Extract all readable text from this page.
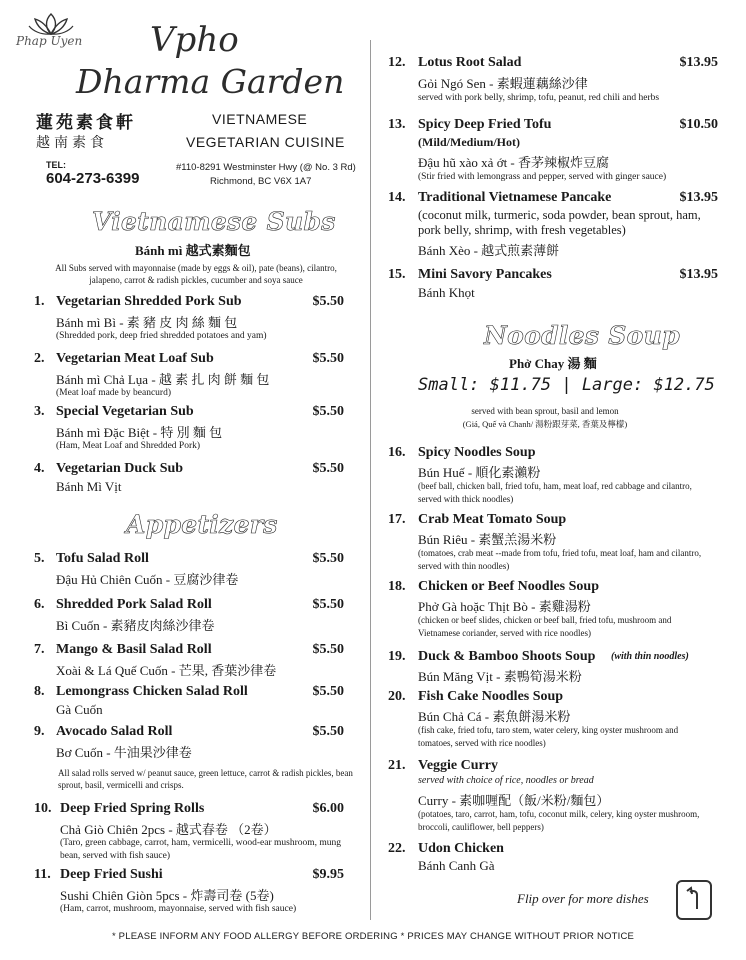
Phap Uyen Vpho
Dharma Garden
蓮苑素食軒
越南素食
VIETNAMESE
VEGETARIAN CUISINE
TEL:
604-273-6399
#110-8291 Westminster Hwy (@ No. 3 Rd)
Richmond, BC V6X 1A7
Vietnamese Subs
Bánh mì 越式素麵包
All Subs served with mayonnaise (made by eggs & oil), pate (beans), cilantro, jalapeno, carrot & radish pickles, cucumber and soya sauce
1. Vegetarian Shredded Pork Sub	$5.50
Bánh mì Bì - 素 豬 皮 肉 絲 麵 包
(Shredded pork, deep fried shredded potatoes and yam)
2. Vegetarian Meat Loaf Sub	$5.50
Bánh mì Chả Lụa - 越 素 扎 肉 餅 麵 包
(Meat loaf made by beancurd)
3. Special Vegetarian Sub	$5.50
Bánh mì Đặc Biệt - 特 別 麵 包
(Ham, Meat Loaf and Shredded Pork)
4. Vegetarian Duck Sub	$5.50
Bánh Mì Vịt
Appetizers
5. Tofu Salad Roll	$5.50
Đậu Hủ Chiên Cuốn - 豆腐沙律卷
6. Shredded Pork Salad Roll	$5.50
Bì Cuốn - 素豬皮肉絲沙律卷
7. Mango & Basil Salad Roll	$5.50
Xoài & Lá Quế Cuốn - 芒果, 香葉沙律卷
8. Lemongrass Chicken Salad Roll	$5.50
Gà Cuốn
9. Avocado Salad Roll	$5.50
Bơ Cuốn - 牛油果沙律卷
All salad rolls served w/ peanut sauce, green lettuce, carrot & radish pickles, bean sprout, basil, vermicelli and crisps.
10. Deep Fried Spring Rolls	$6.00
Chả Giò Chiên 2pcs - 越式春卷 （2卷）
(Taro, green cabbage, carrot, ham, vermicelli, wood-ear mushroom, mung bean, served with fish sauce)
11. Deep Fried Sushi	$9.95
Sushi Chiên Giòn 5pcs - 炸壽司卷 (5卷)
(Ham, carrot, mushroom, mayonnaise, served with fish sauce)
12. Lotus Root Salad	$13.95
Gỏi Ngó Sen - 素蝦蓮藕絲沙律
served with pork belly, shrimp, tofu, peanut, red chili and herbs
13. Spicy Deep Fried Tofu	$10.50
(Mild/Medium/Hot)
Đậu hũ xào xả ớt - 香茅辣椒炸豆腐
(Stir fried with lemongrass and pepper, served with ginger sauce)
14. Traditional Vietnamese Pancake	$13.95
(coconut milk, turmeric, soda powder, bean sprout, ham, pork belly, shrimp, with fresh vegetables)
Bánh Xèo - 越式煎素薄餅
15. Mini Savory Pancakes	$13.95
Bánh Khọt
Noodles Soup
Phở Chay 湯 麵
Small: $11.75 | Large: $12.75
served with bean sprout, basil and lemon
(Giá, Quế và Chanh/ 湯粉跟芽菜, 香葉及檸檬)
16. Spicy Noodles Soup
Bún Huế - 順化素瀨粉
(beef ball, chicken ball, fried tofu, ham, meat loaf, red cabbage and cilantro, served with thick noodles)
17. Crab Meat Tomato Soup
Bún Riêu - 素蟹羔湯米粉
(tomatoes, crab meat --made from tofu, fried tofu, meat loaf, ham and cilantro, served with thin noodles)
18. Chicken or Beef Noodles Soup
Phở Gà hoặc Thịt Bò - 素雞湯粉
(chicken or beef slides, chicken or beef ball, fried tofu, mushroom and Vietnamese coriander, served with rice noodles)
19. Duck & Bamboo Shoots Soup (with thin noodles)
Bún Măng Vịt - 素鴨筍湯米粉
20. Fish Cake Noodles Soup
Bún Chả Cá - 素魚餅湯米粉
(fish cake, fried tofu, taro stem, water celery, king oyster mushroom and tomatoes, served with rice noodles)
21. Veggie Curry
served with choice of rice, noodles or bread
Curry - 素咖喱配（飯/米粉/麵包）
(potatoes, taro, carrot, ham, tofu, coconut milk, celery, king oyster mushroom, broccoli, cauliflower, bell peppers)
22. Udon Chicken
Bánh Canh Gà
Flip over for more dishes
* PLEASE INFORM ANY FOOD ALLERGY BEFORE ORDERING * PRICES MAY CHANGE WITHOUT PRIOR NOTICE
